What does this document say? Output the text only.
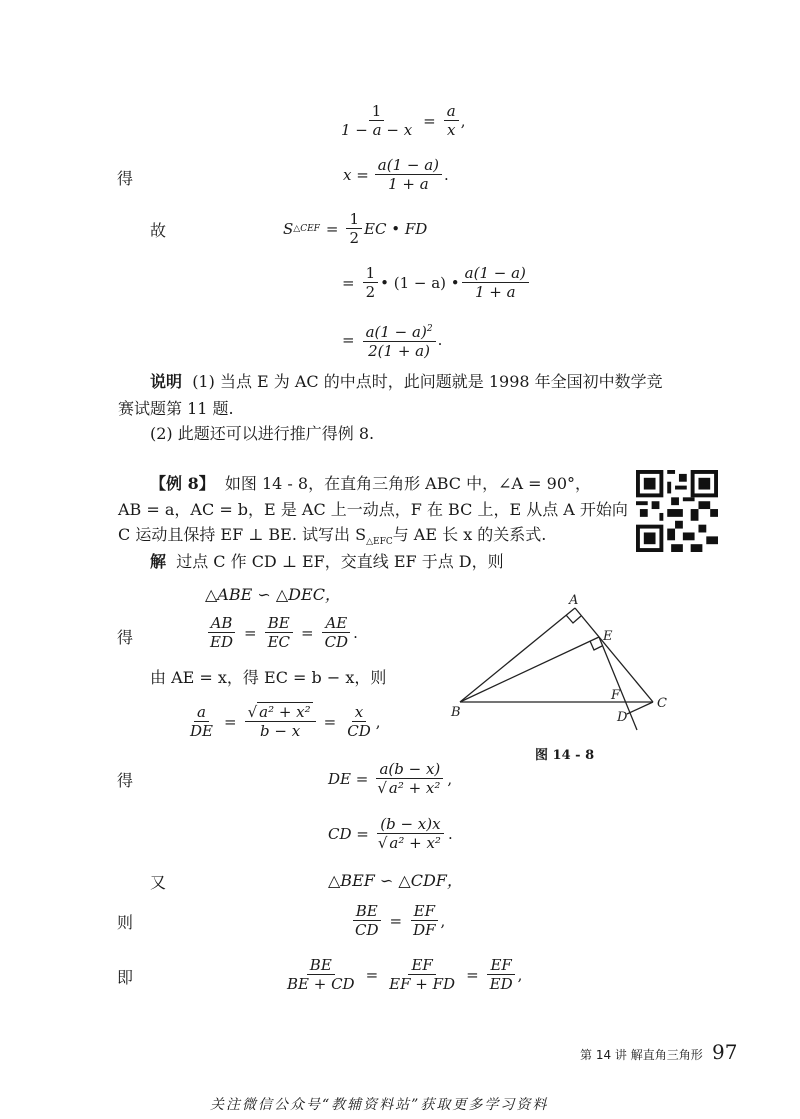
$\frac{1}{1 - a - x} = \frac{a}{x}$ ,
得	$x = \frac{a(1 - a)}{1 + a}$ .
故	S △CEF = $\frac{1}{2}$ EC • FD
= $\frac{1}{2}$ • (1 − a) • $\frac{a(1 - a)}{1 + a}$
= $\frac{a(1 - a)^2}{2(1 + a)}$ .
说明 (1) 当点 E 为 AC 的中点时，此问题就是 1998 年全国初中数学竞
赛试题第 11 题.
(2) 此题还可以进行推广得例 8.
【例 8】 如图 14 - 8，在直角三角形 ABC 中，∠A = 90°，
AB = a，AC = b，E 是 AC 上一动点，F 在 BC 上，E 从点 A 开始向
C 运动且保持 EF ⊥ BE. 试写出 $S_{\triangle EFC}$与 AE 长 x 的关系式.
解 过点 C 作 CD ⊥ EF，交直线 EF 于点 D，则
△ABE ∽ △DEC，
得	$\frac{AB}{ED} = \frac{BE}{EC} = \frac{AE}{CD}$ .
由 AE = x，得 EC = b − x，则
$\frac{a}{DE} = \frac{\text{√ a² + x²}}{b - x} = \frac{x}{CD}$ ,
A
B
C
D
E
F
图 14 - 8
得	DE = $\frac{a(b - x)}{\text{√ a² + x²}}$ ,
CD = $\frac{(b - x)x}{\text{√ a² + x²}}$ .
又	△BEF ∽ △CDF，
则	$\frac{BE}{CD} = \frac{EF}{DF}$ ,
即	$\frac{BE}{BE + CD} = \frac{EF}{EF + FD} = \frac{EF}{ED}$ ,
第 14 讲 解直角三角形 97
关注微信公众号“教辅资料站”获取更多学习资料
